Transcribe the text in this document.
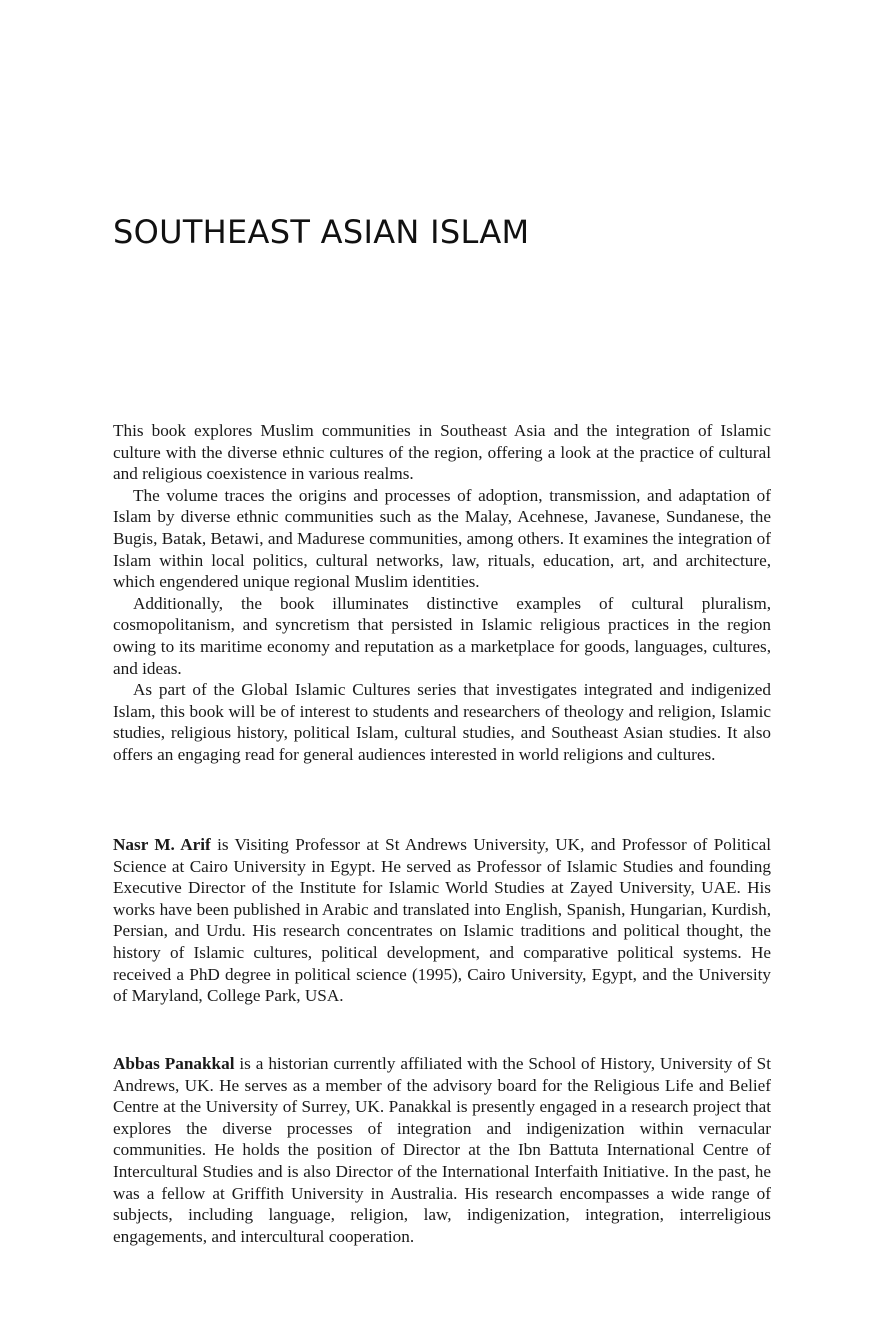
SOUTHEAST ASIAN ISLAM

This book explores Muslim communities in Southeast Asia and the integration of Islamic culture with the diverse ethnic cultures of the region, offering a look at the practice of cultural and religious coexistence in various realms.

The volume traces the origins and processes of adoption, transmission, and adaptation of Islam by diverse ethnic communities such as the Malay, Acehnese, Javanese, Sundanese, the Bugis, Batak, Betawi, and Madurese communities, among others. It examines the integration of Islam within local politics, cultural networks, law, rituals, education, art, and architecture, which engendered unique regional Muslim identities.

Additionally, the book illuminates distinctive examples of cultural pluralism, cosmopolitanism, and syncretism that persisted in Islamic religious practices in the region owing to its maritime economy and reputation as a marketplace for goods, languages, cultures, and ideas.

As part of the Global Islamic Cultures series that investigates integrated and indigenized Islam, this book will be of interest to students and researchers of theology and religion, Islamic studies, religious history, political Islam, cultural studies, and Southeast Asian studies. It also offers an engaging read for general audiences interested in world religions and cultures.

Nasr M. Arif is Visiting Professor at St Andrews University, UK, and Professor of Political Science at Cairo University in Egypt. He served as Professor of Islamic Studies and founding Executive Director of the Institute for Islamic World Studies at Zayed University, UAE. His works have been published in Arabic and translated into English, Spanish, Hungarian, Kurdish, Persian, and Urdu. His research concentrates on Islamic traditions and political thought, the history of Islamic cultures, political development, and comparative political systems. He received a PhD degree in political science (1995), Cairo University, Egypt, and the University of Maryland, College Park, USA.

Abbas Panakkal is a historian currently affiliated with the School of History, University of St Andrews, UK. He serves as a member of the advisory board for the Religious Life and Belief Centre at the University of Surrey, UK. Panakkal is presently engaged in a research project that explores the diverse processes of integration and indigenization within vernacular communities. He holds the position of Director at the Ibn Battuta International Centre of Intercultural Studies and is also Director of the International Interfaith Initiative. In the past, he was a fellow at Griffith University in Australia. His research encompasses a wide range of subjects, including language, religion, law, indigenization, integration, interreligious engagements, and intercultural cooperation.
